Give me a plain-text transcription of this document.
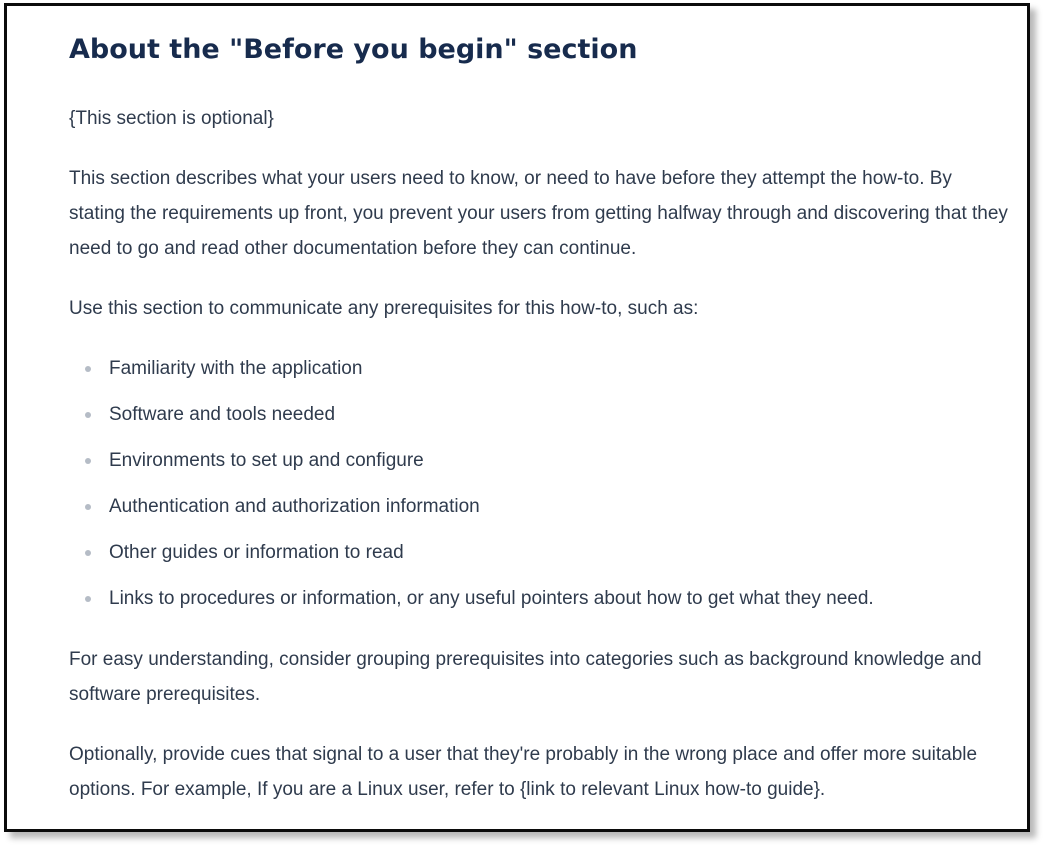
About the "Before you begin" section

{This section is optional}

This section describes what your users need to know, or need to have before they attempt the how-to. By stating the requirements up front, you prevent your users from getting halfway through and discovering that they need to go and read other documentation before they can continue.

Use this section to communicate any prerequisites for this how-to, such as:

Familiarity with the application
Software and tools needed
Environments to set up and configure
Authentication and authorization information
Other guides or information to read
Links to procedures or information, or any useful pointers about how to get what they need.

For easy understanding, consider grouping prerequisites into categories such as background knowledge and software prerequisites.

Optionally, provide cues that signal to a user that they're probably in the wrong place and offer more suitable options. For example, If you are a Linux user, refer to {link to relevant Linux how-to guide}.
